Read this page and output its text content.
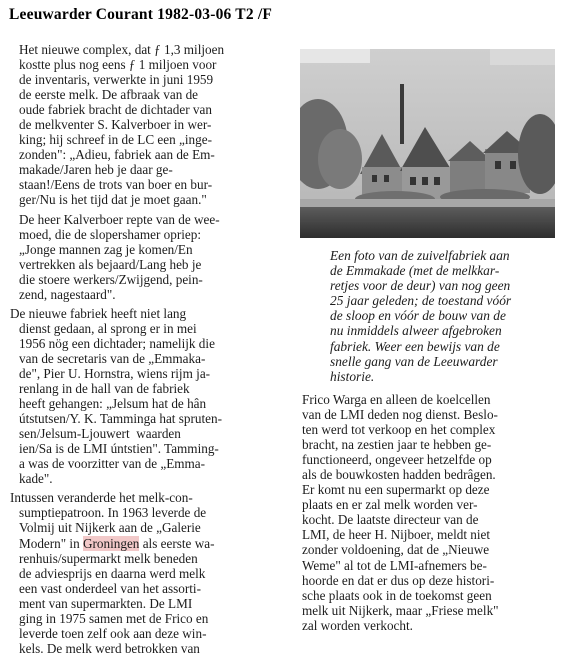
Leeuwarder Courant 1982-03-06 T2 /F
Het nieuwe complex, dat ƒ 1,3 miljoen
kostte plus nog eens ƒ 1 miljoen voor
de inventaris, verwerkte in juni 1959
de eerste melk. De afbraak van de
oude fabriek bracht de dichtader van
de melkventer S. Kalverboer in wer-
king; hij schreef in de LC een „inge-
zonden": „Adieu, fabriek aan de Em-
makade/Jaren heb je daar ge-
staan!/Eens de trots van boer en bur-
ger/Nu is het tijd dat je moet gaan."
De heer Kalverboer repte van de wee-
moed, die de slopershamer opriep:
„Jonge mannen zag je komen/En
vertrekken als bejaard/Lang heb je
die stoere werkers/Zwijgend, pein-
zend, nagestaard".
De nieuwe fabriek heeft niet lang
dienst gedaan, al sprong er in mei
1956 nög een dichtader; namelijk die
van de secretaris van de „Emmaka-
de", Pier U. Hornstra, wiens rijm ja-
renlang in de hall van de fabriek
heeft gehangen: „Jelsum hat de hân
útstutsen/Y. K. Tamminga hat spruten-
sen/Jelsum-Ljouwert  waarden
ien/Sa is de LMI úntstien". Tamming-
a was de voorzitter van de „Emma-
kade".
Intussen veranderde het melk-con-
sumptiepatroon. In 1963 leverde de
Volmij uit Nijkerk aan de „Galerie
Modern" in Groningen als eerste wa-
renhuis/supermarkt melk beneden
de adviesprijs en daarna werd melk
een vast onderdeel van het assorti-
ment van supermarkten. De LMI
ging in 1975 samen met de Frico en
leverde toen zelf ook aan deze win-
kels. De melk werd betrokken van
Een foto van de zuivelfabriek aan
de Emmakade (met de melkkar-
retjes voor de deur) van nog geen
25 jaar geleden; de toestand vóór
de sloop en vóór de bouw van de
nu inmiddels alweer afgebroken
fabriek. Weer een bewijs van de
snelle gang van de Leeuwarder
historie.
Frico Warga en alleen de koelcellen
van de LMI deden nog dienst. Beslo-
ten werd tot verkoop en het complex
bracht, na zestien jaar te hebben ge-
functioneerd, ongeveer hetzelfde op
als de bouwkosten hadden bedrâgen.
Er komt nu een supermarkt op deze
plaats en er zal melk worden ver-
kocht. De laatste directeur van de
LMI, de heer H. Nijboer, meldt niet
zonder voldoening, dat de „Nieuwe
Weme" al tot de LMI-afnemers be-
hoorde en dat er dus op deze histori-
sche plaats ook in de toekomst geen
melk uit Nijkerk, maar „Friese melk"
zal worden verkocht.
